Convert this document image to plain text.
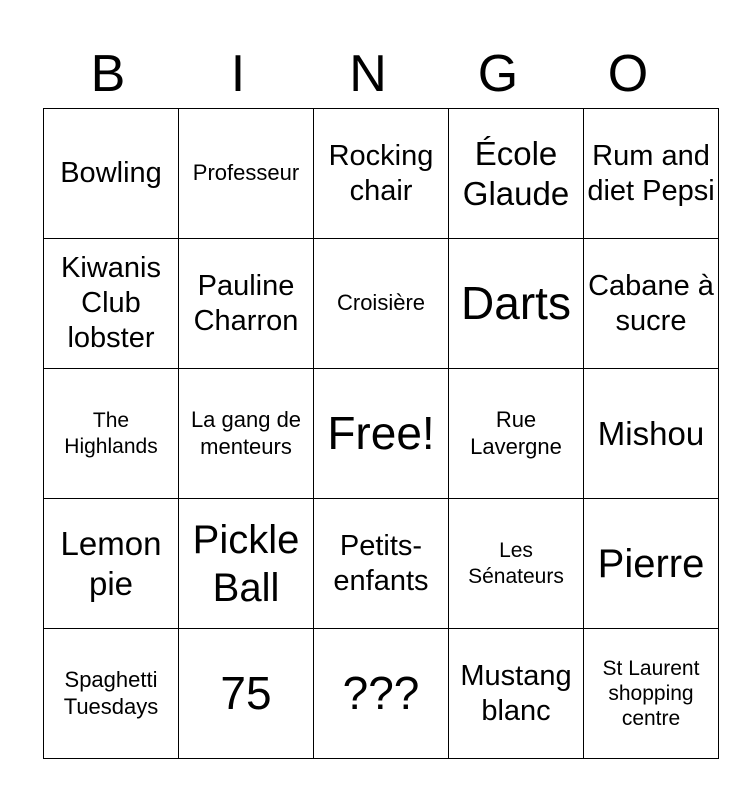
B	I	N	G	O
Bowling	Professeur	Rocking chair	École Glaude	Rum and diet Pepsi
Kiwanis Club lobster	Pauline Charron	Croisière	Darts	Cabane à sucre
The Highlands	La gang de menteurs	Free!	Rue Lavergne	Mishou
Lemon pie	Pickle Ball	Petits-enfants	Les Sénateurs	Pierre
Spaghetti Tuesdays	75	???	Mustang blanc	St Laurent shopping centre
